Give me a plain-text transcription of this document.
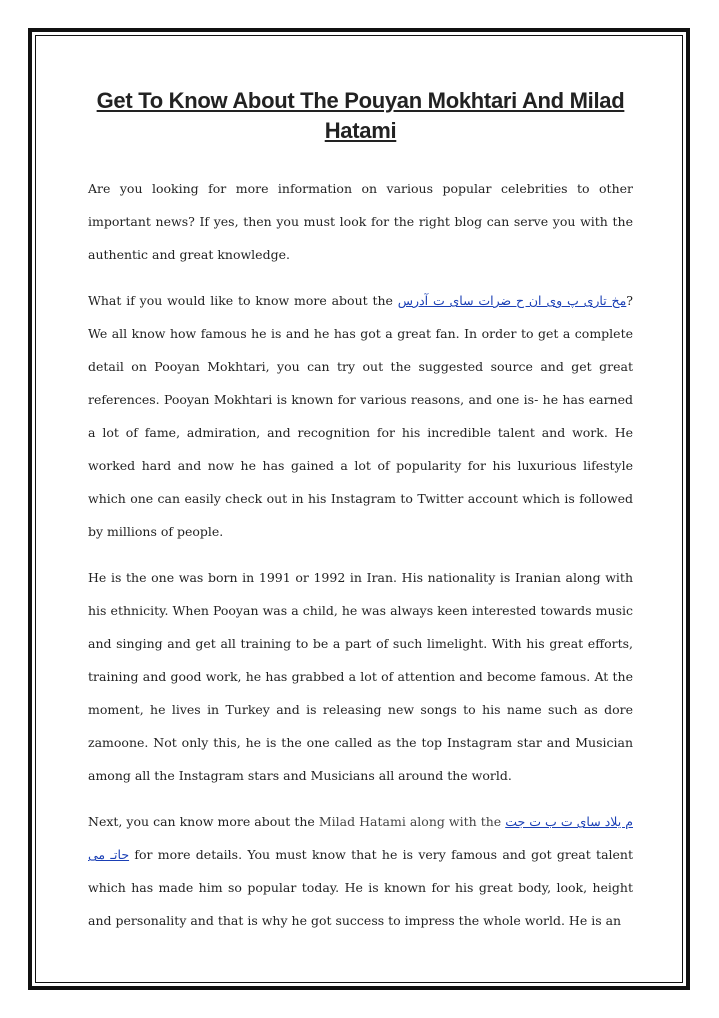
Get To Know About The Pouyan Mokhtari And Milad Hatami

Are you looking for more information on various popular celebrities to other important news? If yes, then you must look for the right blog can serve you with the authentic and great knowledge.

What if you would like to know more about the مخ تاری پ وی ان ح ضرات سای ت آدرس? We all know how famous he is and he has got a great fan. In order to get a complete detail on Pooyan Mokhtari, you can try out the suggested source and get great references. Pooyan Mokhtari is known for various reasons, and one is- he has earned a lot of fame, admiration, and recognition for his incredible talent and work. He worked hard and now he has gained a lot of popularity for his luxurious lifestyle which one can easily check out in his Instagram to Twitter account which is followed by millions of people.

He is the one was born in 1991 or 1992 in Iran. His nationality is Iranian along with his ethnicity. When Pooyan was a child, he was always keen interested towards music and singing and get all training to be a part of such limelight. With his great efforts, training and good work, he has grabbed a lot of attention and become famous. At the moment, he lives in Turkey and is releasing new songs to his name such as dore zamoone. Not only this, he is the one called as the top Instagram star and Musician among all the Instagram stars and Musicians all around the world.

Next, you can know more about the Milad Hatami along with the م یلاد سای ت ب ت جت حاتـ می for more details. You must know that he is very famous and got great talent which has made him so popular today. He is known for his great body, look, height and personality and that is why he got success to impress the whole world. He is an
